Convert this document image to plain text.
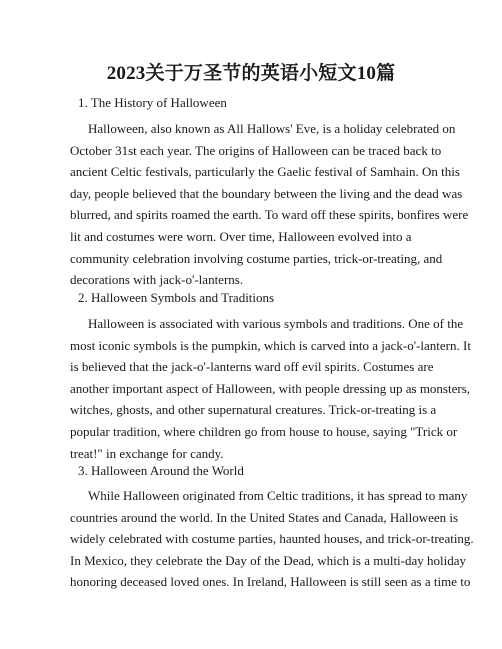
2023关于万圣节的英语小短文10篇
1. The History of Halloween
Halloween, also known as All Hallows' Eve, is a holiday celebrated on
October 31st each year. The origins of Halloween can be traced back to
ancient Celtic festivals, particularly the Gaelic festival of Samhain. On this
day, people believed that the boundary between the living and the dead was
blurred, and spirits roamed the earth. To ward off these spirits, bonfires were
lit and costumes were worn. Over time, Halloween evolved into a
community celebration involving costume parties, trick-or-treating, and
decorations with jack-o'-lanterns.
2. Halloween Symbols and Traditions
Halloween is associated with various symbols and traditions. One of the
most iconic symbols is the pumpkin, which is carved into a jack-o'-lantern. It
is believed that the jack-o'-lanterns ward off evil spirits. Costumes are
another important aspect of Halloween, with people dressing up as monsters,
witches, ghosts, and other supernatural creatures. Trick-or-treating is a
popular tradition, where children go from house to house, saying "Trick or
treat!" in exchange for candy.
3. Halloween Around the World
While Halloween originated from Celtic traditions, it has spread to many
countries around the world. In the United States and Canada, Halloween is
widely celebrated with costume parties, haunted houses, and trick-or-treating.
In Mexico, they celebrate the Day of the Dead, which is a multi-day holiday
honoring deceased loved ones. In Ireland, Halloween is still seen as a time to
